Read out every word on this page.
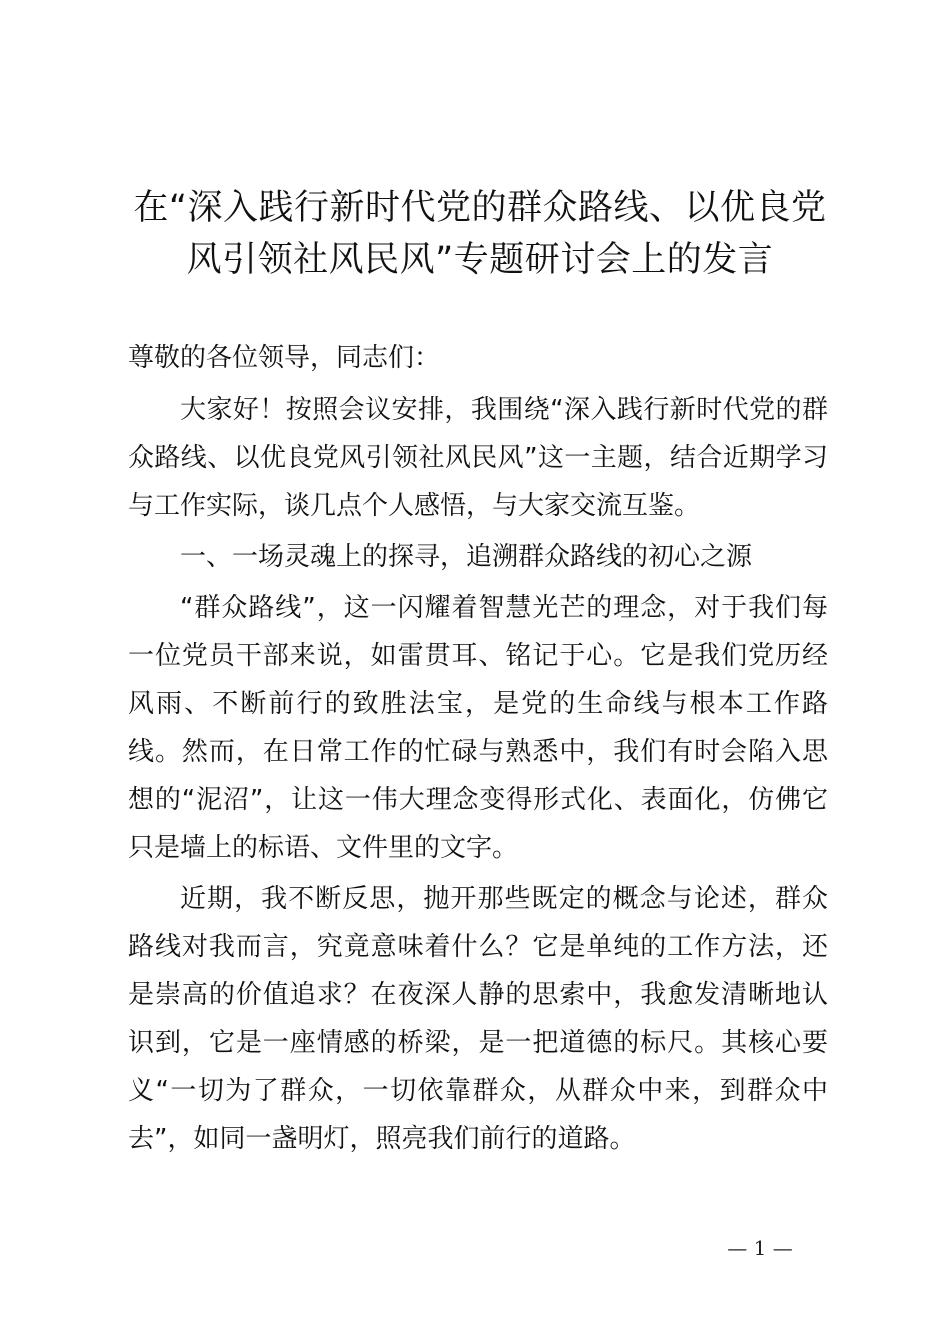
在“深入践行新时代党的群众路线、以优良党
风引领社风民风”专题研讨会上的发言

尊敬的各位领导，同志们：

大家好！按照会议安排，我围绕“深入践行新时代党的群众路线、以优良党风引领社风民风”这一主题，结合近期学习与工作实际，谈几点个人感悟，与大家交流互鉴。

一、一场灵魂上的探寻，追溯群众路线的初心之源

“群众路线”，这一闪耀着智慧光芒的理念，对于我们每一位党员干部来说，如雷贯耳、铭记于心。它是我们党历经风雨、不断前行的致胜法宝，是党的生命线与根本工作路线。然而，在日常工作的忙碌与熟悉中，我们有时会陷入思想的“泥沼”，让这一伟大理念变得形式化、表面化，仿佛它只是墙上的标语、文件里的文字。

近期，我不断反思，抛开那些既定的概念与论述，群众路线对我而言，究竟意味着什么？它是单纯的工作方法，还是崇高的价值追求？在夜深人静的思索中，我愈发清晰地认识到，它是一座情感的桥梁，是一把道德的标尺。其核心要义“一切为了群众，一切依靠群众，从群众中来，到群众中去”，如同一盏明灯，照亮我们前行的道路。

— 1 —
